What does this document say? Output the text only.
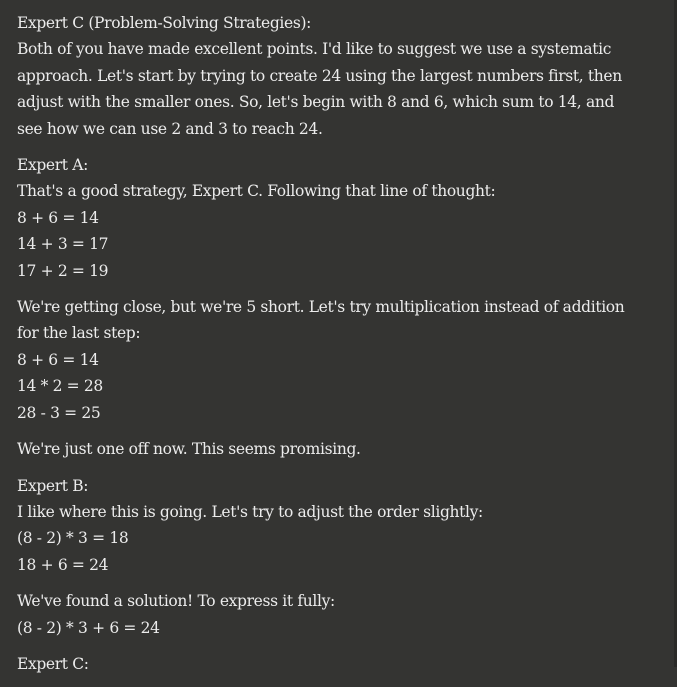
Expert C (Problem-Solving Strategies):
Both of you have made excellent points. I'd like to suggest we use a systematic approach. Let's start by trying to create 24 using the largest numbers first, then adjust with the smaller ones. So, let's begin with 8 and 6, which sum to 14, and see how we can use 2 and 3 to reach 24.
Expert A:
That's a good strategy, Expert C. Following that line of thought:
8 + 6 = 14
14 + 3 = 17
17 + 2 = 19
We're getting close, but we're 5 short. Let's try multiplication instead of addition for the last step:
8 + 6 = 14
14 * 2 = 28
28 - 3 = 25
We're just one off now. This seems promising.
Expert B:
I like where this is going. Let's try to adjust the order slightly:
(8 - 2) * 3 = 18
18 + 6 = 24
We've found a solution! To express it fully:
(8 - 2) * 3 + 6 = 24
Expert C:
